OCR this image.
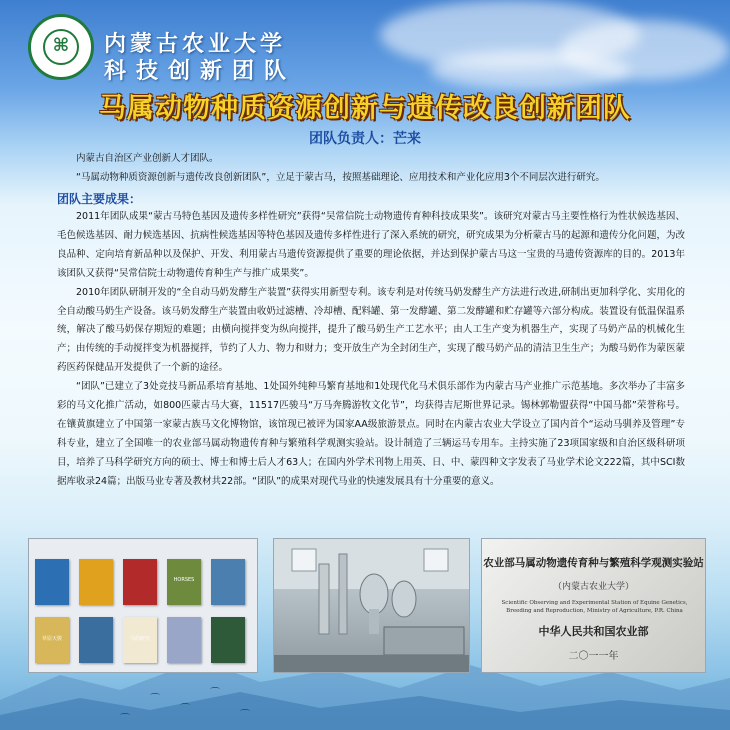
⌘ 内蒙古农业大学
科技创新团队
马属动物种质资源创新与遗传改良创新团队
团队负责人：芒来

内蒙古自治区产业创新人才团队。

“马属动物种质资源创新与遗传改良创新团队”，立足于蒙古马，按照基础理论、应用技术和产业化应用3个不同层次进行研究。

团队主要成果：

2011年团队成果“蒙古马特色基因及遗传多样性研究”获得“吴常信院士动物遗传育种科技成果奖”。该研究对蒙古马主要性格行为性状候选基因、毛色候选基因、耐力候选基因、抗病性候选基因等特色基因及遗传多样性进行了深入系统的研究，研究成果为分析蒙古马的起源和遗传分化问题，为改良品种、定向培育新品种以及保护、开发、利用蒙古马遗传资源提供了重要的理论依据，并达到保护蒙古马这一宝贵的马遗传资源库的目的。2013年该团队又获得“吴常信院士动物遗传育种生产与推广成果奖”。

2010年团队研制开发的“全自动马奶发酵生产装置”获得实用新型专利。该专利是对传统马奶发酵生产方法进行改进,研制出更加科学化、实用化的全自动酸马奶生产设备。该马奶发酵生产装置由收奶过滤槽、冷却槽、配料罐、第一发酵罐、第二发酵罐和贮存罐等六部分构成。装置设有低温保温系统，解决了酸马奶保存期短的难题；由横向搅拌变为纵向搅拌，提升了酸马奶生产工艺水平；由人工生产变为机器生产，实现了马奶产品的机械化生产；由传统的手动搅拌变为机器搅拌，节约了人力、物力和财力；变开放生产为全封闭生产，实现了酸马奶产品的清洁卫生生产；为酸马奶作为蒙医蒙药医药保健品开发提供了一个新的途径。

“团队”已建立了3处竞技马新品系培育基地、1处国外纯种马繁育基地和1处现代化马术俱乐部作为内蒙古马产业推广示范基地。多次举办了丰富多彩的马文化推广活动，如800匹蒙古马大赛，11517匹骏马“万马奔腾游牧文化节”，均获得吉尼斯世界记录。锡林郭勒盟获得“中国马都”荣誉称号。在镶黄旗建立了中国第一家蒙古族马文化博物馆，该馆现已被评为国家AA级旅游景点。同时在内蒙古农业大学设立了国内首个“运动马驯养及管理”专科专业，建立了全国唯一的农业部马属动物遗传育种与繁殖科学观测实验站。设计制造了三辆运马专用车。主持实施了23项国家级和自治区级科研项目，培养了马科学研究方向的硕士、博士和博士后人才63人；在国内外学术刊物上用英、日、中、蒙四种文字发表了马业学术论文222篇，其中SCI数据库收录24篇；出版马业专著及教材共22部。“团队”的成果对现代马业的快速发展具有十分重要的意义。

HORSES
草原天骏	马的研究
农业部马属动物遗传育种与繁殖科学观测实验站
（内蒙古农业大学）
Scientific Observing and Experimental Station of Equine Genetics, Breeding and Reproduction, Ministry of Agriculture, P.R. China
中华人民共和国农业部
二〇一一年
⌒
⌒
⌒
⌒
⌒
